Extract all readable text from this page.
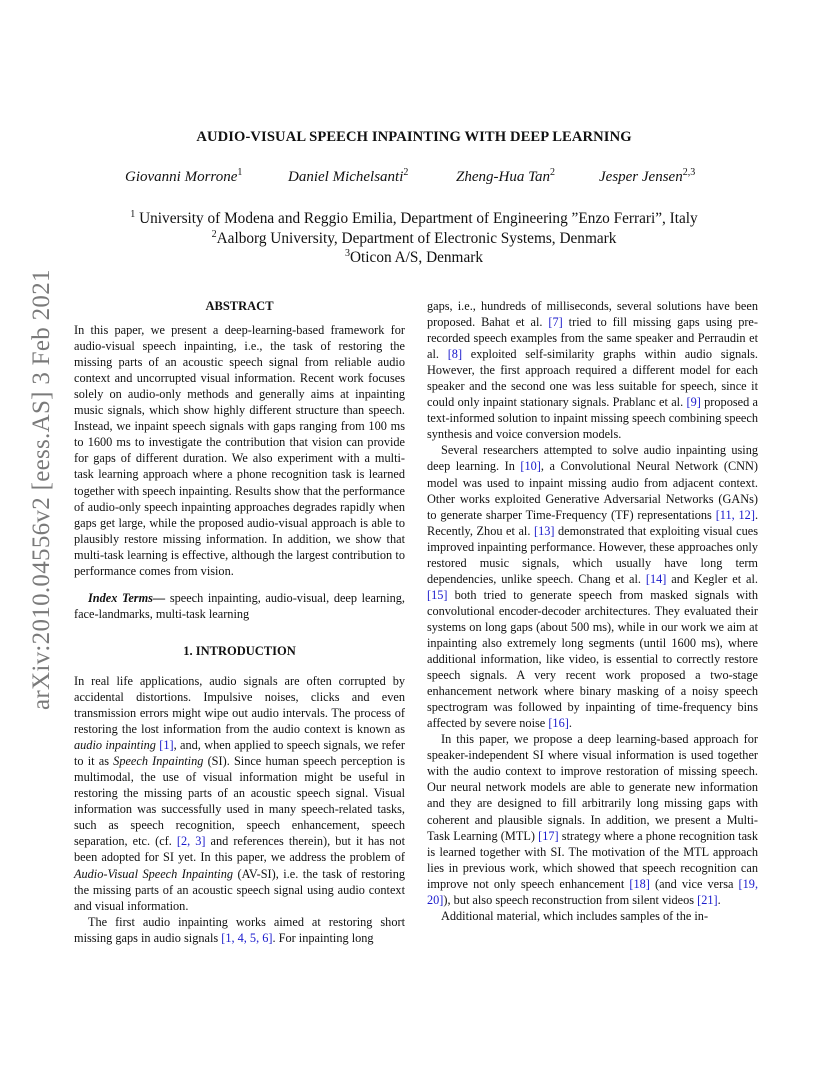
arXiv:2010.04556v2 [eess.AS] 3 Feb 2021
AUDIO-VISUAL SPEECH INPAINTING WITH DEEP LEARNING
Giovanni Morrone$^1$	Daniel Michelsanti$^2$	Zheng-Hua Tan$^2$	Jesper Jensen$^{2,3}$
$^1$ University of Modena and Reggio Emilia, Department of Engineering ”Enzo Ferrari”, Italy
$^2$Aalborg University, Department of Electronic Systems, Denmark
$^3$Oticon A/S, Denmark

ABSTRACT

In this paper, we present a deep-learning-based framework for audio-visual speech inpainting, i.e., the task of restoring the missing parts of an acoustic speech signal from reliable audio context and uncorrupted visual information. Recent work focuses solely on audio-only methods and generally aims at inpainting music signals, which show highly different structure than speech. Instead, we inpaint speech signals with gaps ranging from 100 ms to 1600 ms to investigate the contribution that vision can provide for gaps of different duration. We also experiment with a multi-task learning approach where a phone recognition task is learned together with speech inpainting. Results show that the performance of audio-only speech inpainting approaches degrades rapidly when gaps get large, while the proposed audio-visual approach is able to plausibly restore missing information. In addition, we show that multi-task learning is effective, although the largest contribution to performance comes from vision.

Index Terms— speech inpainting, audio-visual, deep learning, face-landmarks, multi-task learning

1. INTRODUCTION

In real life applications, audio signals are often corrupted by accidental distortions. Impulsive noises, clicks and even transmission errors might wipe out audio intervals. The process of restoring the lost information from the audio context is known as audio inpainting [1], and, when applied to speech signals, we refer to it as Speech Inpainting (SI). Since human speech perception is multimodal, the use of visual information might be useful in restoring the missing parts of an acoustic speech signal. Visual information was successfully used in many speech-related tasks, such as speech recognition, speech enhancement, speech separation, etc. (cf. [2, 3] and references therein), but it has not been adopted for SI yet. In this paper, we address the problem of Audio-Visual Speech Inpainting (AV-SI), i.e. the task of restoring the missing parts of an acoustic speech signal using audio context and visual information.

The first audio inpainting works aimed at restoring short missing gaps in audio signals [1, 4, 5, 6]. For inpainting long

gaps, i.e., hundreds of milliseconds, several solutions have been proposed. Bahat et al. [7] tried to fill missing gaps using pre-recorded speech examples from the same speaker and Perraudin et al. [8] exploited self-similarity graphs within audio signals. However, the first approach required a different model for each speaker and the second one was less suitable for speech, since it could only inpaint stationary signals. Prablanc et al. [9] proposed a text-informed solution to inpaint missing speech combining speech synthesis and voice conversion models.

Several researchers attempted to solve audio inpainting using deep learning. In [10], a Convolutional Neural Network (CNN) model was used to inpaint missing audio from adjacent context. Other works exploited Generative Adversarial Networks (GANs) to generate sharper Time-Frequency (TF) representations [11, 12]. Recently, Zhou et al. [13] demonstrated that exploiting visual cues improved inpainting performance. However, these approaches only restored music signals, which usually have long term dependencies, unlike speech. Chang et al. [14] and Kegler et al. [15] both tried to generate speech from masked signals with convolutional encoder-decoder architectures. They evaluated their systems on long gaps (about 500 ms), while in our work we aim at inpainting also extremely long segments (until 1600 ms), where additional information, like video, is essential to correctly restore speech signals. A very recent work proposed a two-stage enhancement network where binary masking of a noisy speech spectrogram was followed by inpainting of time-frequency bins affected by severe noise [16].

In this paper, we propose a deep learning-based approach for speaker-independent SI where visual information is used together with the audio context to improve restoration of missing speech. Our neural network models are able to generate new information and they are designed to fill arbitrarily long missing gaps with coherent and plausible signals. In addition, we present a Multi-Task Learning (MTL) [17] strategy where a phone recognition task is learned together with SI. The motivation of the MTL approach lies in previous work, which showed that speech recognition can improve not only speech enhancement [18] (and vice versa [19, 20]), but also speech reconstruction from silent videos [21].

Additional material, which includes samples of the in-
